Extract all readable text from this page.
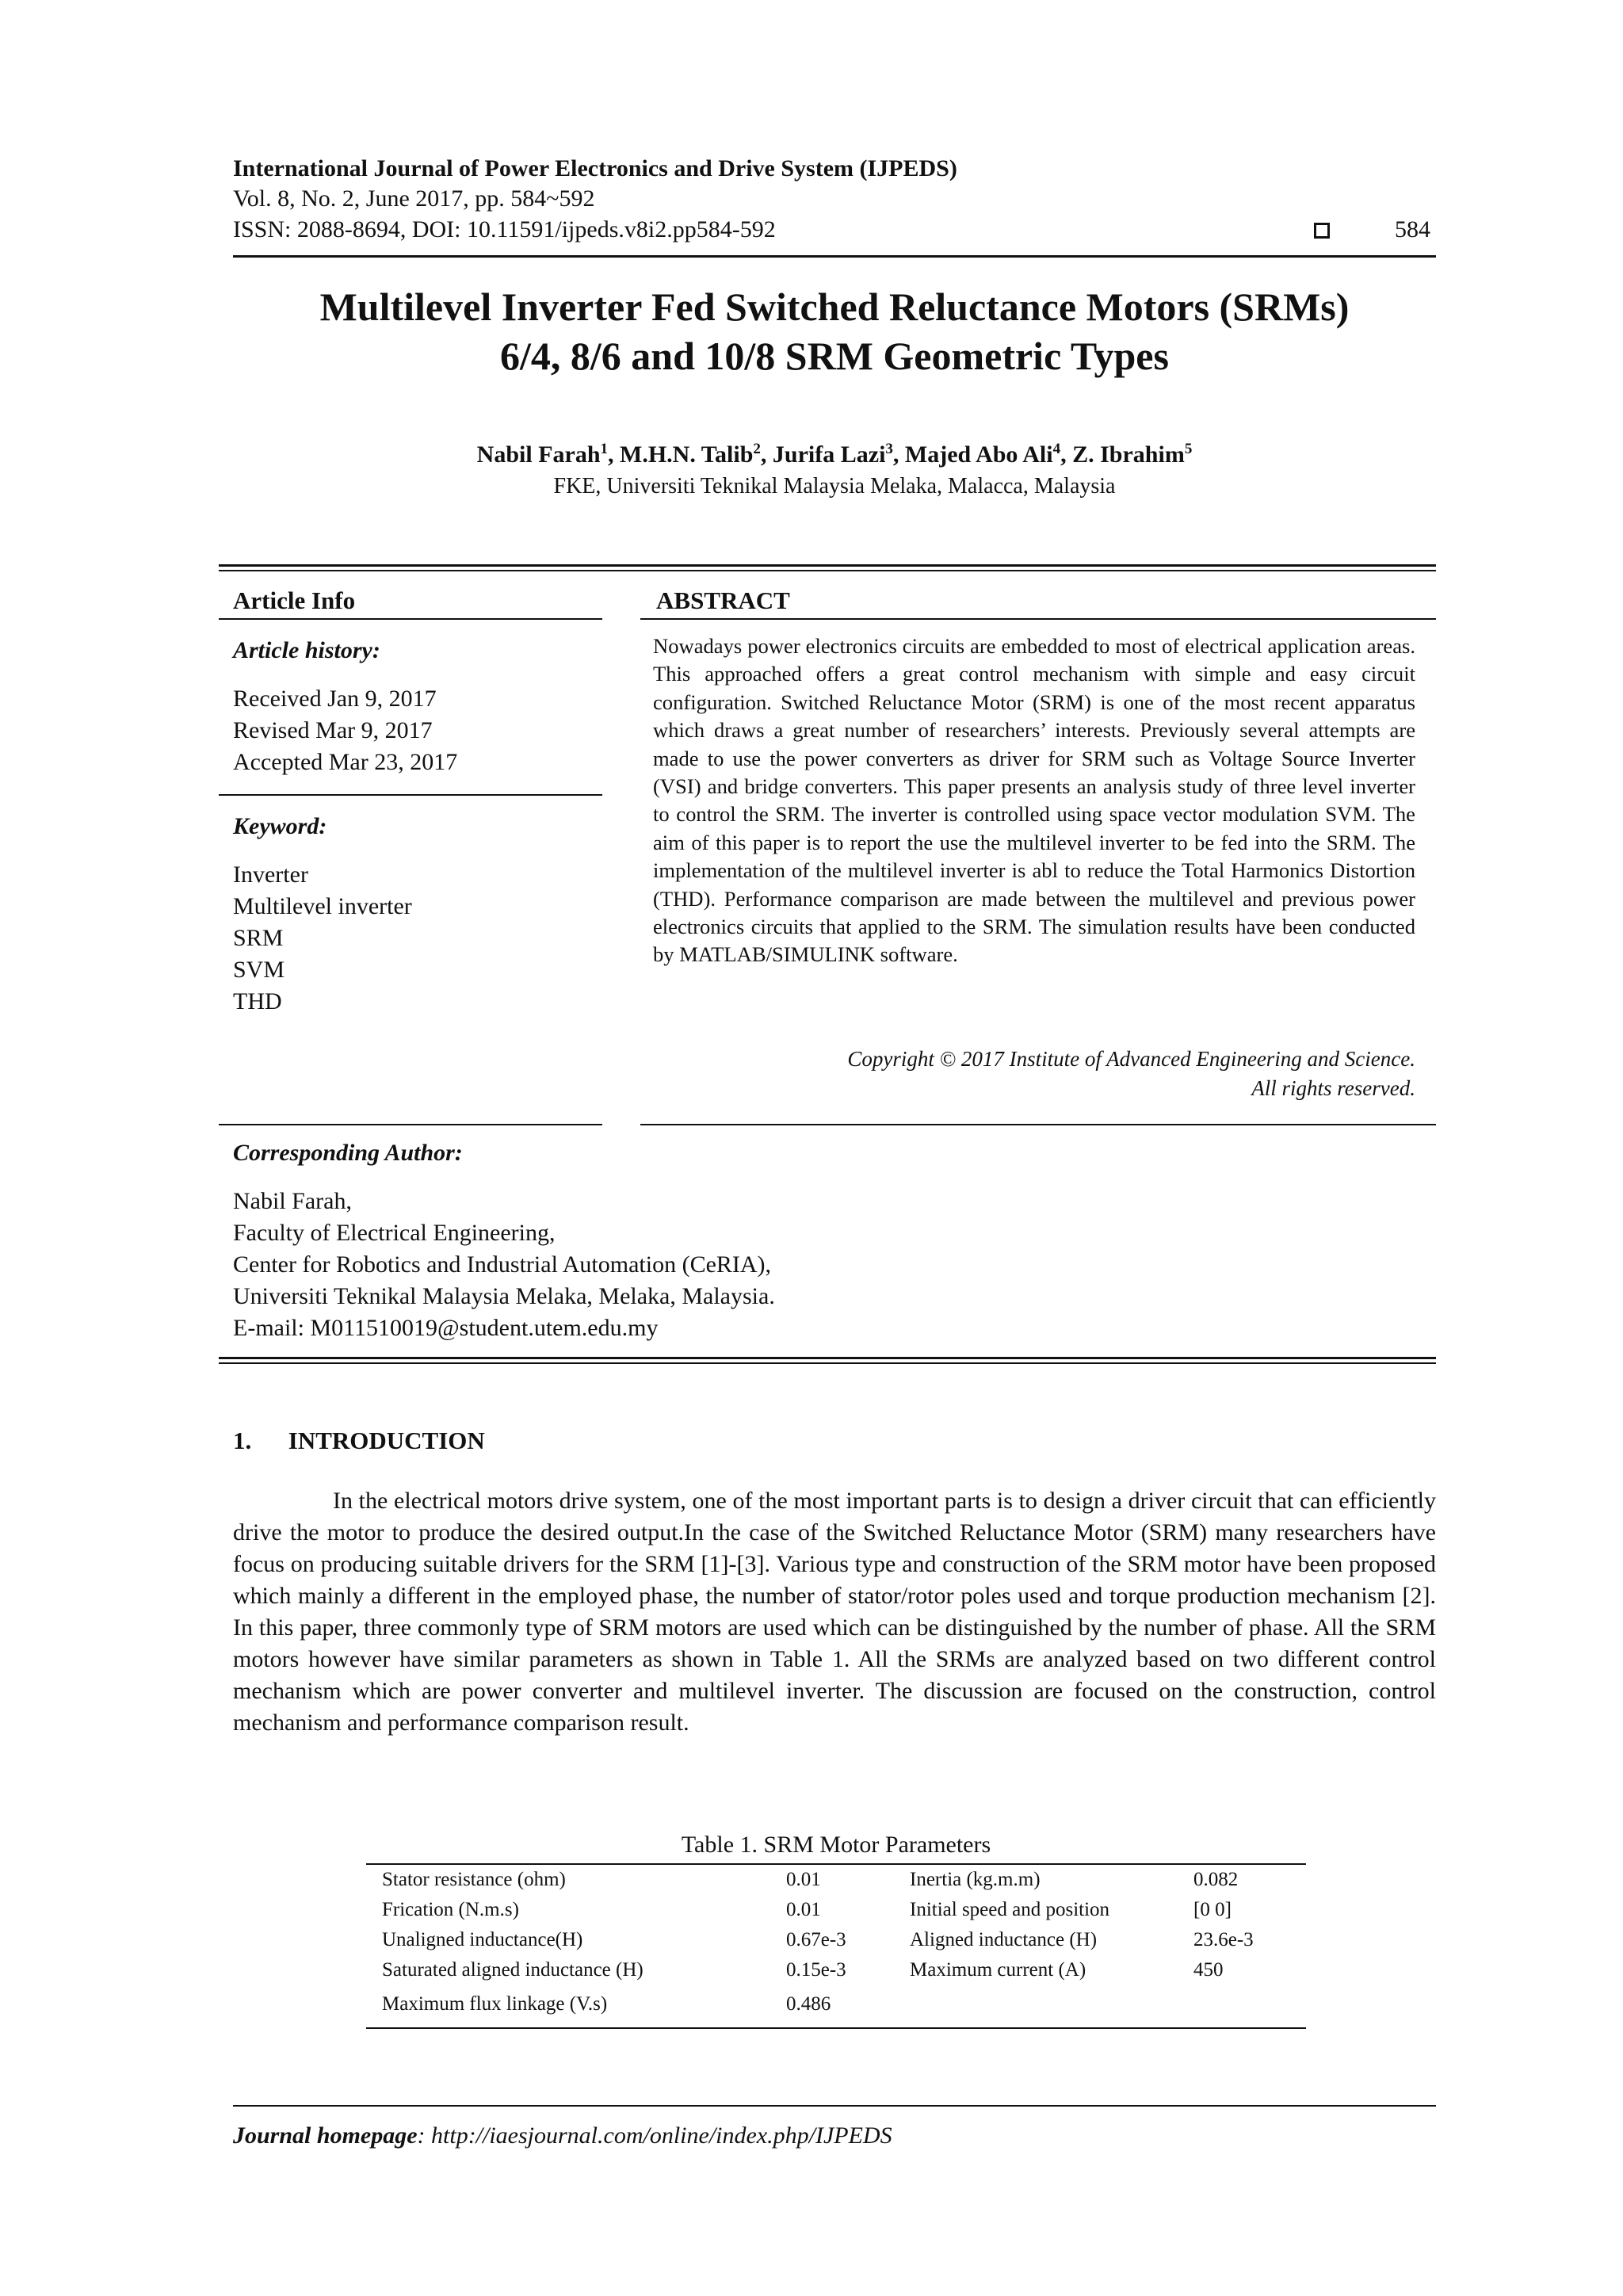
International Journal of Power Electronics and Drive System (IJPEDS)
Vol. 8, No. 2, June 2017, pp. 584~592
ISSN: 2088-8694, DOI: 10.11591/ijpeds.v8i2.pp584-592	584
Multilevel Inverter Fed Switched Reluctance Motors (SRMs)
6/4, 8/6 and 10/8 SRM Geometric Types
Nabil Farah$^1$, M.H.N. Talib$^2$, Jurifa Lazi$^3$, Majed Abo Ali$^4$, Z. Ibrahim$^5$
FKE, Universiti Teknikal Malaysia Melaka, Malacca, Malaysia
Article Info	ABSTRACT
Article history:
Received Jan 9, 2017
Revised Mar 9, 2017
Accepted Mar 23, 2017
Keyword:
Inverter
Multilevel inverter
SRM
SVM
THD
Nowadays power electronics circuits are embedded to most of electrical application areas. This approached offers a great control mechanism with simple and easy circuit configuration. Switched Reluctance Motor (SRM) is one of the most recent apparatus which draws a great number of researchers’ interests. Previously several attempts are made to use the power converters as driver for SRM such as Voltage Source Inverter (VSI) and bridge converters. This paper presents an analysis study of three level inverter to control the SRM. The inverter is controlled using space vector modulation SVM. The aim of this paper is to report the use the multilevel inverter to be fed into the SRM. The implementation of the multilevel inverter is abl to reduce the Total Harmonics Distortion (THD). Performance comparison are made between the multilevel and previous power electronics circuits that applied to the SRM. The simulation results have been conducted by MATLAB/SIMULINK software.
Copyright © 2017 Institute of Advanced Engineering and Science.
All rights reserved.
Corresponding Author:
Nabil Farah,
Faculty of Electrical Engineering,
Center for Robotics and Industrial Automation (CeRIA),
Universiti Teknikal Malaysia Melaka, Melaka, Malaysia.
E-mail: M011510019@student.utem.edu.my
1.      INTRODUCTION
In the electrical motors drive system, one of the most important parts is to design a driver circuit that can efficiently drive the motor to produce the desired output.In the case of the Switched Reluctance Motor (SRM) many researchers have focus on producing suitable drivers for the SRM [1]-[3]. Various type and construction of the SRM motor have been proposed which mainly a different in the employed phase, the number of stator/rotor poles used and torque production mechanism [2]. In this paper, three commonly type of SRM motors are used which can be distinguished by the number of phase. All the SRM motors however have similar parameters as shown in Table 1. All the SRMs are analyzed based on two different control mechanism which are power converter and multilevel inverter. The discussion are focused on the construction, control mechanism and performance comparison result.
Table 1. SRM Motor Parameters
Stator resistance (ohm)	0.01	Inertia (kg.m.m)	0.082
Frication (N.m.s)	0.01	Initial speed and position	[0 0]
Unaligned inductance(H)	0.67e-3	Aligned inductance (H)	23.6e-3
Saturated aligned inductance (H)	0.15e-3	Maximum current (A)	450
Maximum flux linkage (V.s)	0.486		
Journal homepage: http://iaesjournal.com/online/index.php/IJPEDS
